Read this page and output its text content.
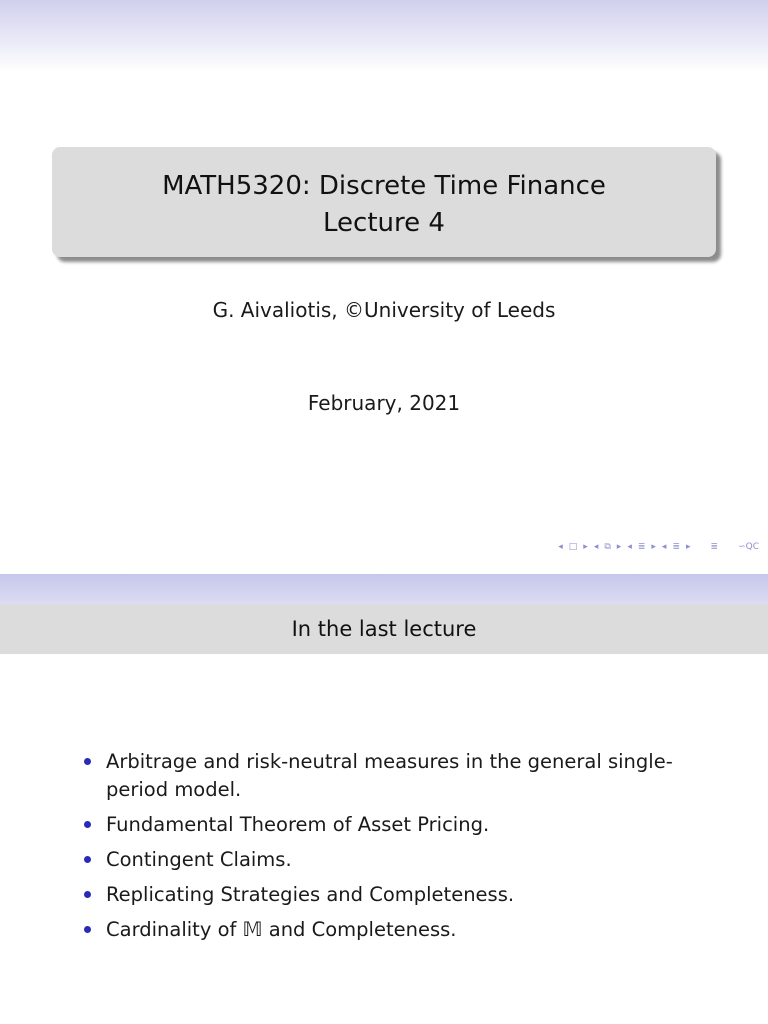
MATH5320: Discrete Time Finance
Lecture 4
G. Aivaliotis, ©University of Leeds
February, 2021
◂ □ ▸ ◂ ⧉ ▸ ◂ ≣ ▸ ◂ ≣ ▸ ≣ ∽QC
In the last lecture
Arbitrage and risk-neutral measures in the general single-period model.
Fundamental Theorem of Asset Pricing.
Contingent Claims.
Replicating Strategies and Completeness.
Cardinality of 𝕄 and Completeness.
